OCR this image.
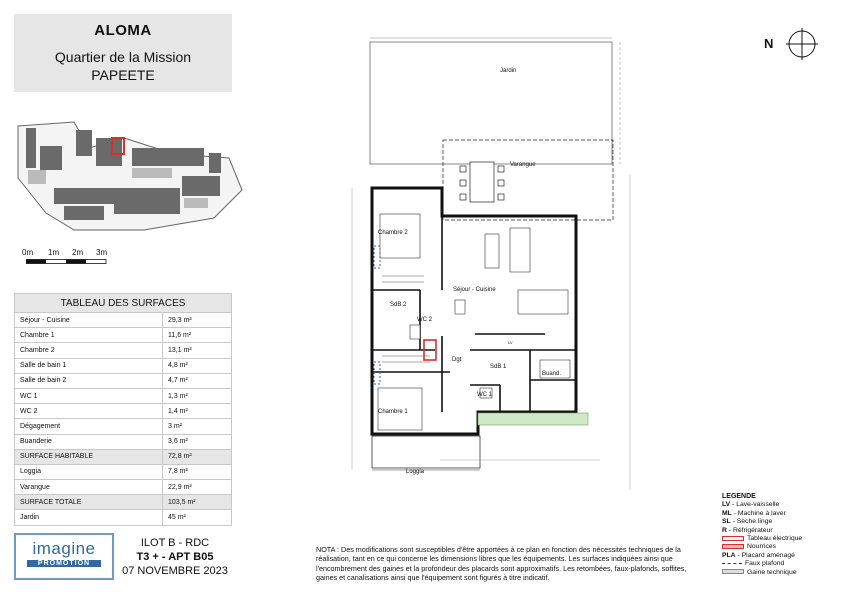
ALOMA
Quartier de la Mission
PAPEETE
0m 1m 2m 3m
TABLEAU DES SURFACES	
Séjour - Cuisine	29,3 m²
Chambre 1	11,6 m²
Chambre 2	13,1 m²
Salle de bain 1	4,8 m²
Salle de bain 2	4,7 m²
WC 1	1,3 m²
WC 2	1,4 m²
Dégagement	3 m²
Buanderie	3,6 m²
SURFACE HABITABLE	72,8 m²
Loggia	7,8 m²
Varangue	22,9 m²
SURFACE TOTALE	103,5 m²
Jardin	45 m²
imagine
PROMOTION
ILOT B - RDC
T3 + - APT B05
07 NOVEMBRE 2023
N
Jardin
Varangue
Chambre 2
Chambre 1
Séjour - Cuisine
SdB 2
SdB 1
WC 2
WC 1
Dgt
Buand.
Loggia
LV
NOTA : Des modifications sont susceptibles d'être apportées à ce plan en fonction des nécessités techniques de la réalisation, tant en ce qui concerne les dimensions libres que les équipements. Les surfaces indiquées ainsi que l'encombrement des gaines et la profondeur des placards sont approximatifs. Les retombées, faux-plafonds, soffites, gaines et canalisations ainsi que l'équipement sont figurés à titre indicatif.
LEGENDE
LV - Lave-vaisselle
ML - Machine à laver
SL - Sèche linge
R - Réfrigérateur
Tableau électrique
Nourrices
PLA - Placard aménagé
Faux plafond
Gaine technique
